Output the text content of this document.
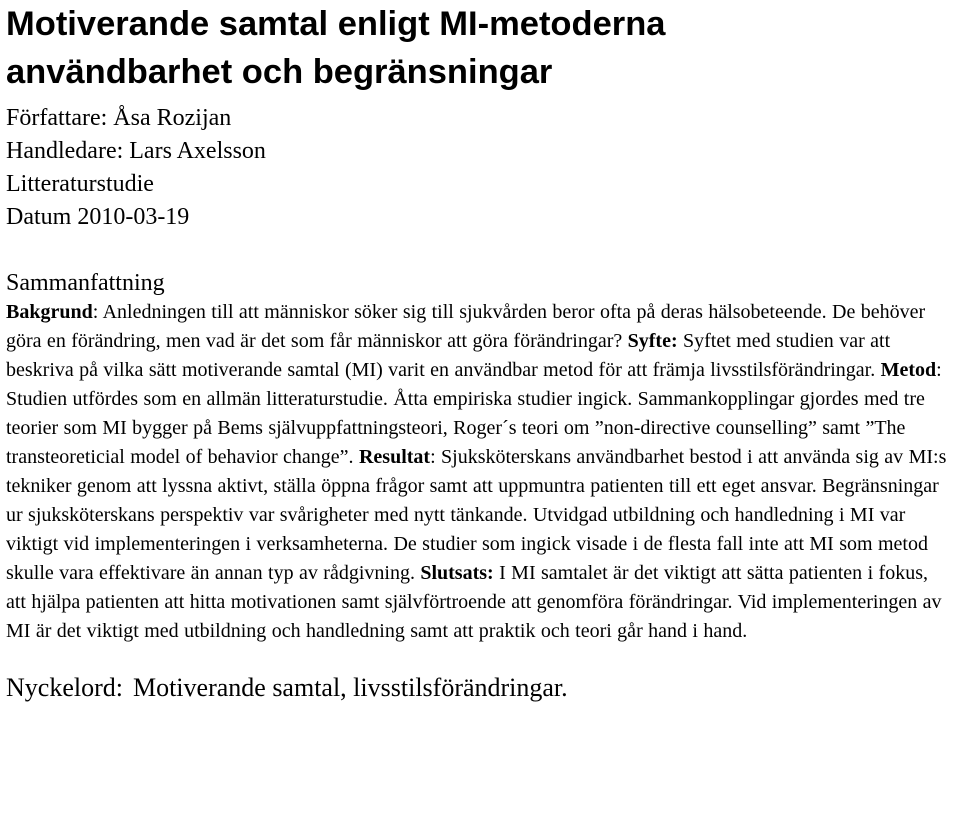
Motiverande samtal enligt MI-metoderna
användbarhet och begränsningar

Författare: Åsa Rozijan

Handledare: Lars Axelsson

Litteraturstudie

Datum 2010-03-19

Sammanfattning
Bakgrund: Anledningen till att människor söker sig till sjukvården beror ofta på deras hälsobeteende. De behöver göra en förändring, men vad är det som får människor att göra förändringar? Syfte: Syftet med studien var att beskriva på vilka sätt motiverande samtal (MI) varit en användbar metod för att främja livsstilsförändringar. Metod: Studien utfördes som en allmän litteraturstudie. Åtta empiriska studier ingick. Sammankopplingar gjordes med tre teorier som MI bygger på Bems självuppfattningsteori, Roger´s teori om ”non-directive counselling” samt ”The transteoreticial model of behavior change”. Resultat: Sjuksköterskans användbarhet bestod i att använda sig av MI:s tekniker genom att lyssna aktivt, ställa öppna frågor samt att uppmuntra patienten till ett eget ansvar. Begränsningar ur sjuksköterskans perspektiv var svårigheter med nytt tänkande. Utvidgad utbildning och handledning i MI var viktigt vid implementeringen i verksamheterna. De studier som ingick visade i de flesta fall inte att MI som metod skulle vara effektivare än annan typ av rådgivning. Slutsats: I MI samtalet är det viktigt att sätta patienten i fokus, att hjälpa patienten att hitta motivationen samt självförtroende att genomföra förändringar. Vid implementeringen av MI är det viktigt med utbildning och handledning samt att praktik och teori går hand i hand.
Nyckelord: Motiverande samtal, livsstilsförändringar.
